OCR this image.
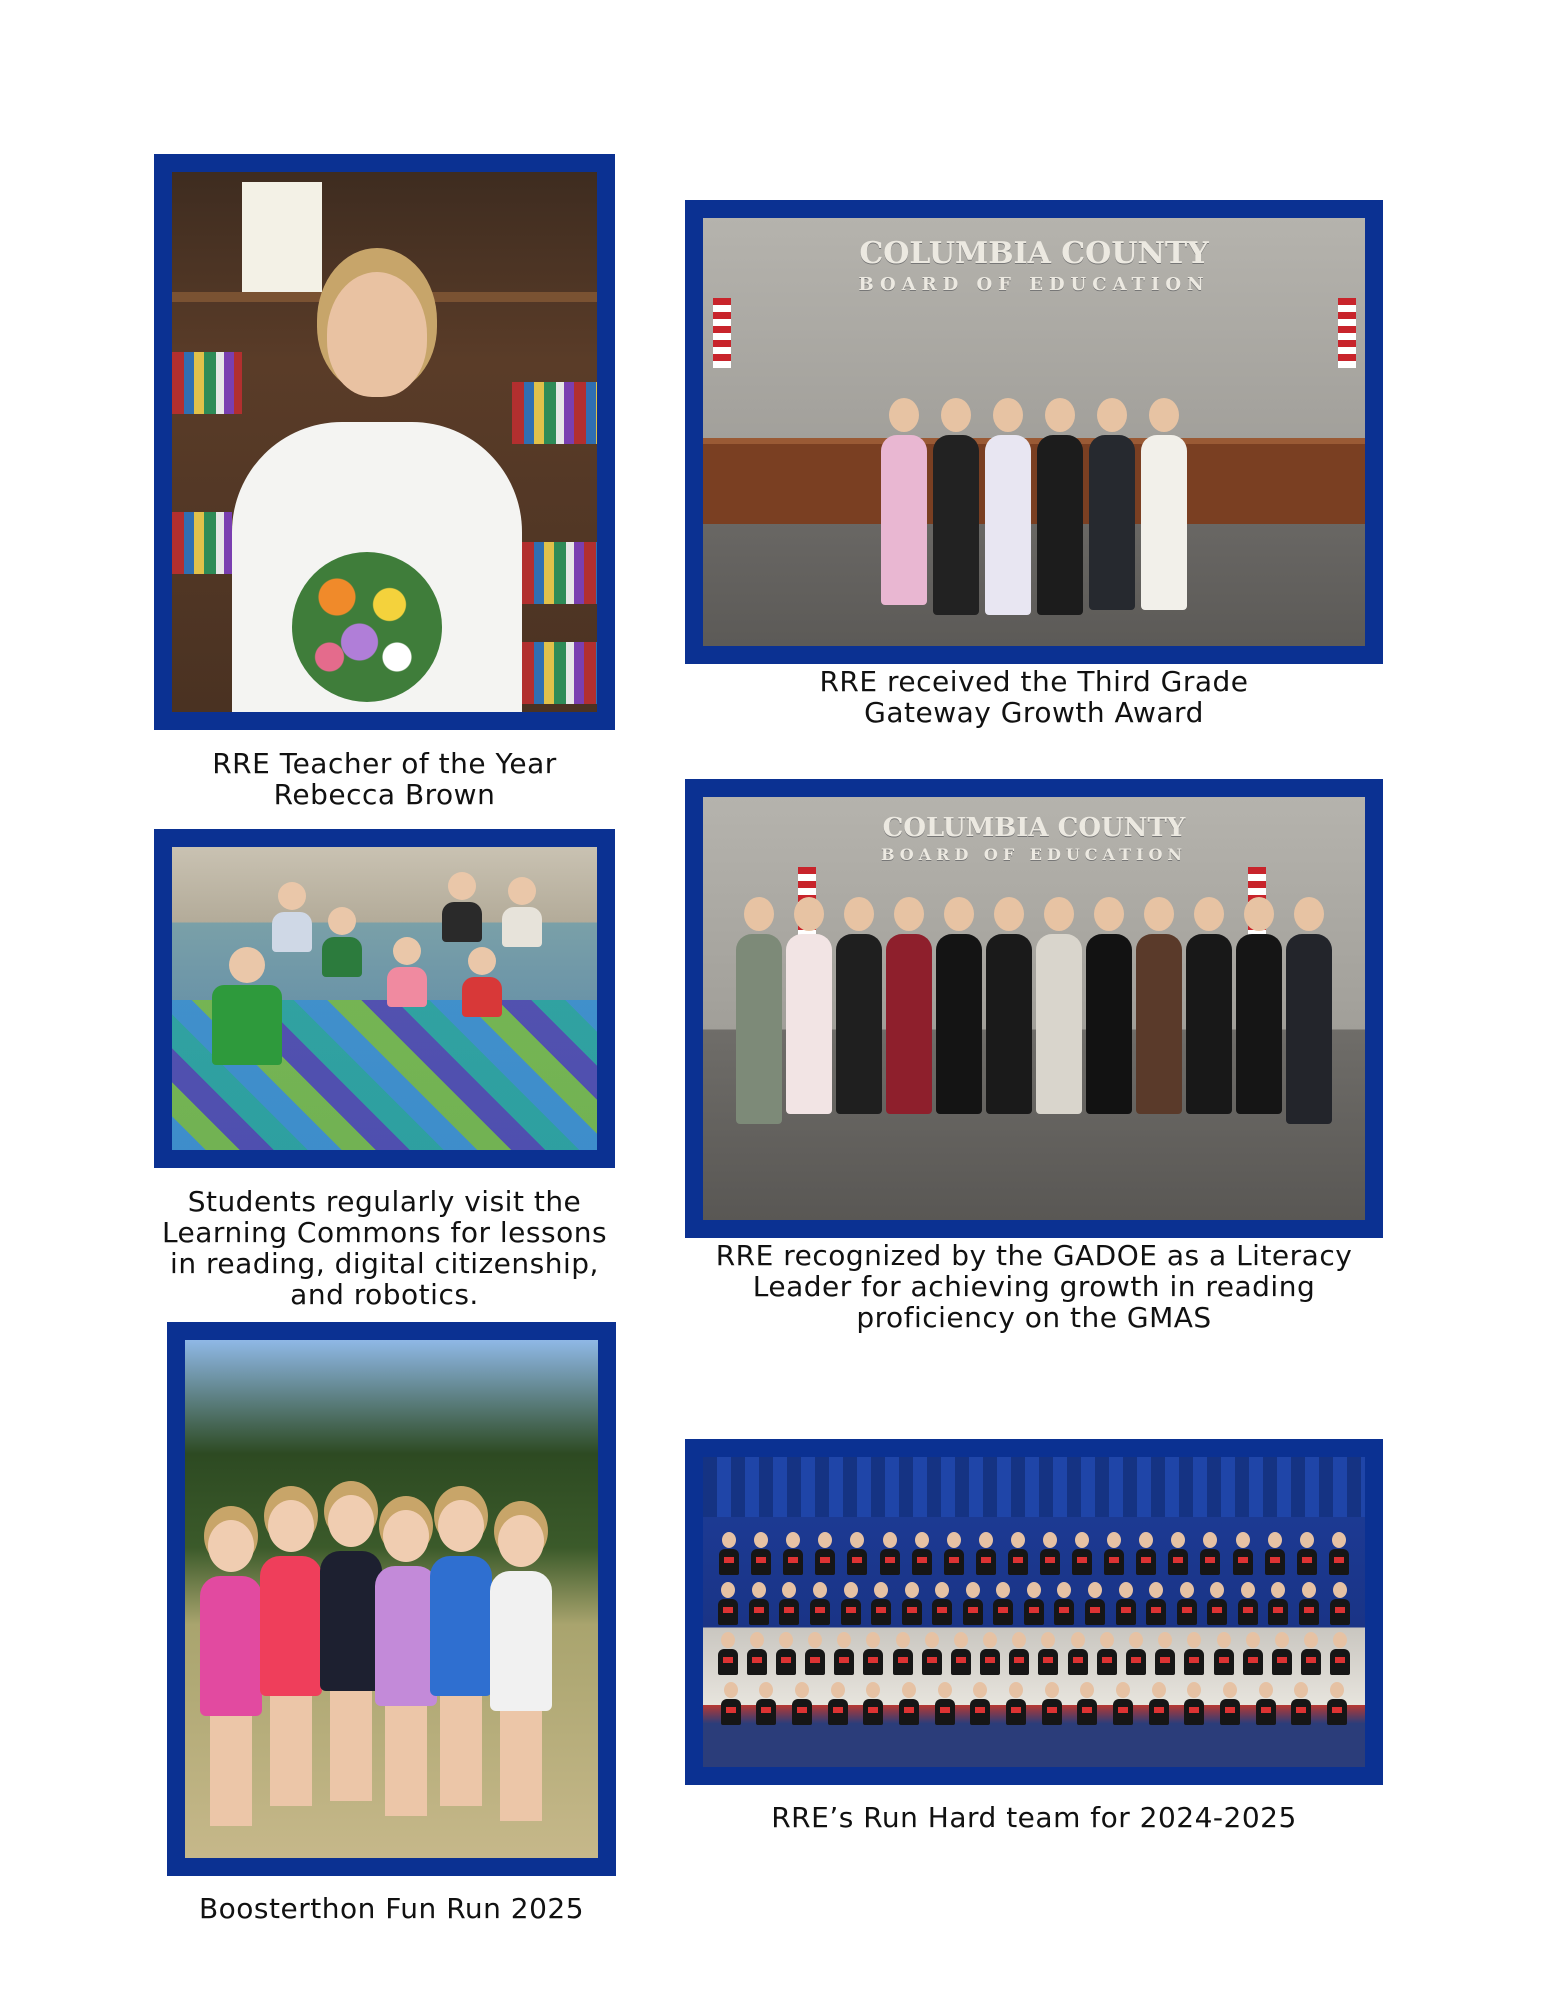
RRE Teacher of the Year
Rebecca Brown
COLUMBIA COUNTY
BOARD OF EDUCATION
RRE received the Third Grade
Gateway Growth Award
Students regularly visit the
Learning Commons for lessons
in reading, digital citizenship,
and robotics.
COLUMBIA COUNTY
BOARD OF EDUCATION
RRE recognized by the GADOE as a Literacy
Leader for achieving growth in reading
proficiency on the GMAS
Boosterthon Fun Run 2025
RRE’s Run Hard team for 2024-2025
